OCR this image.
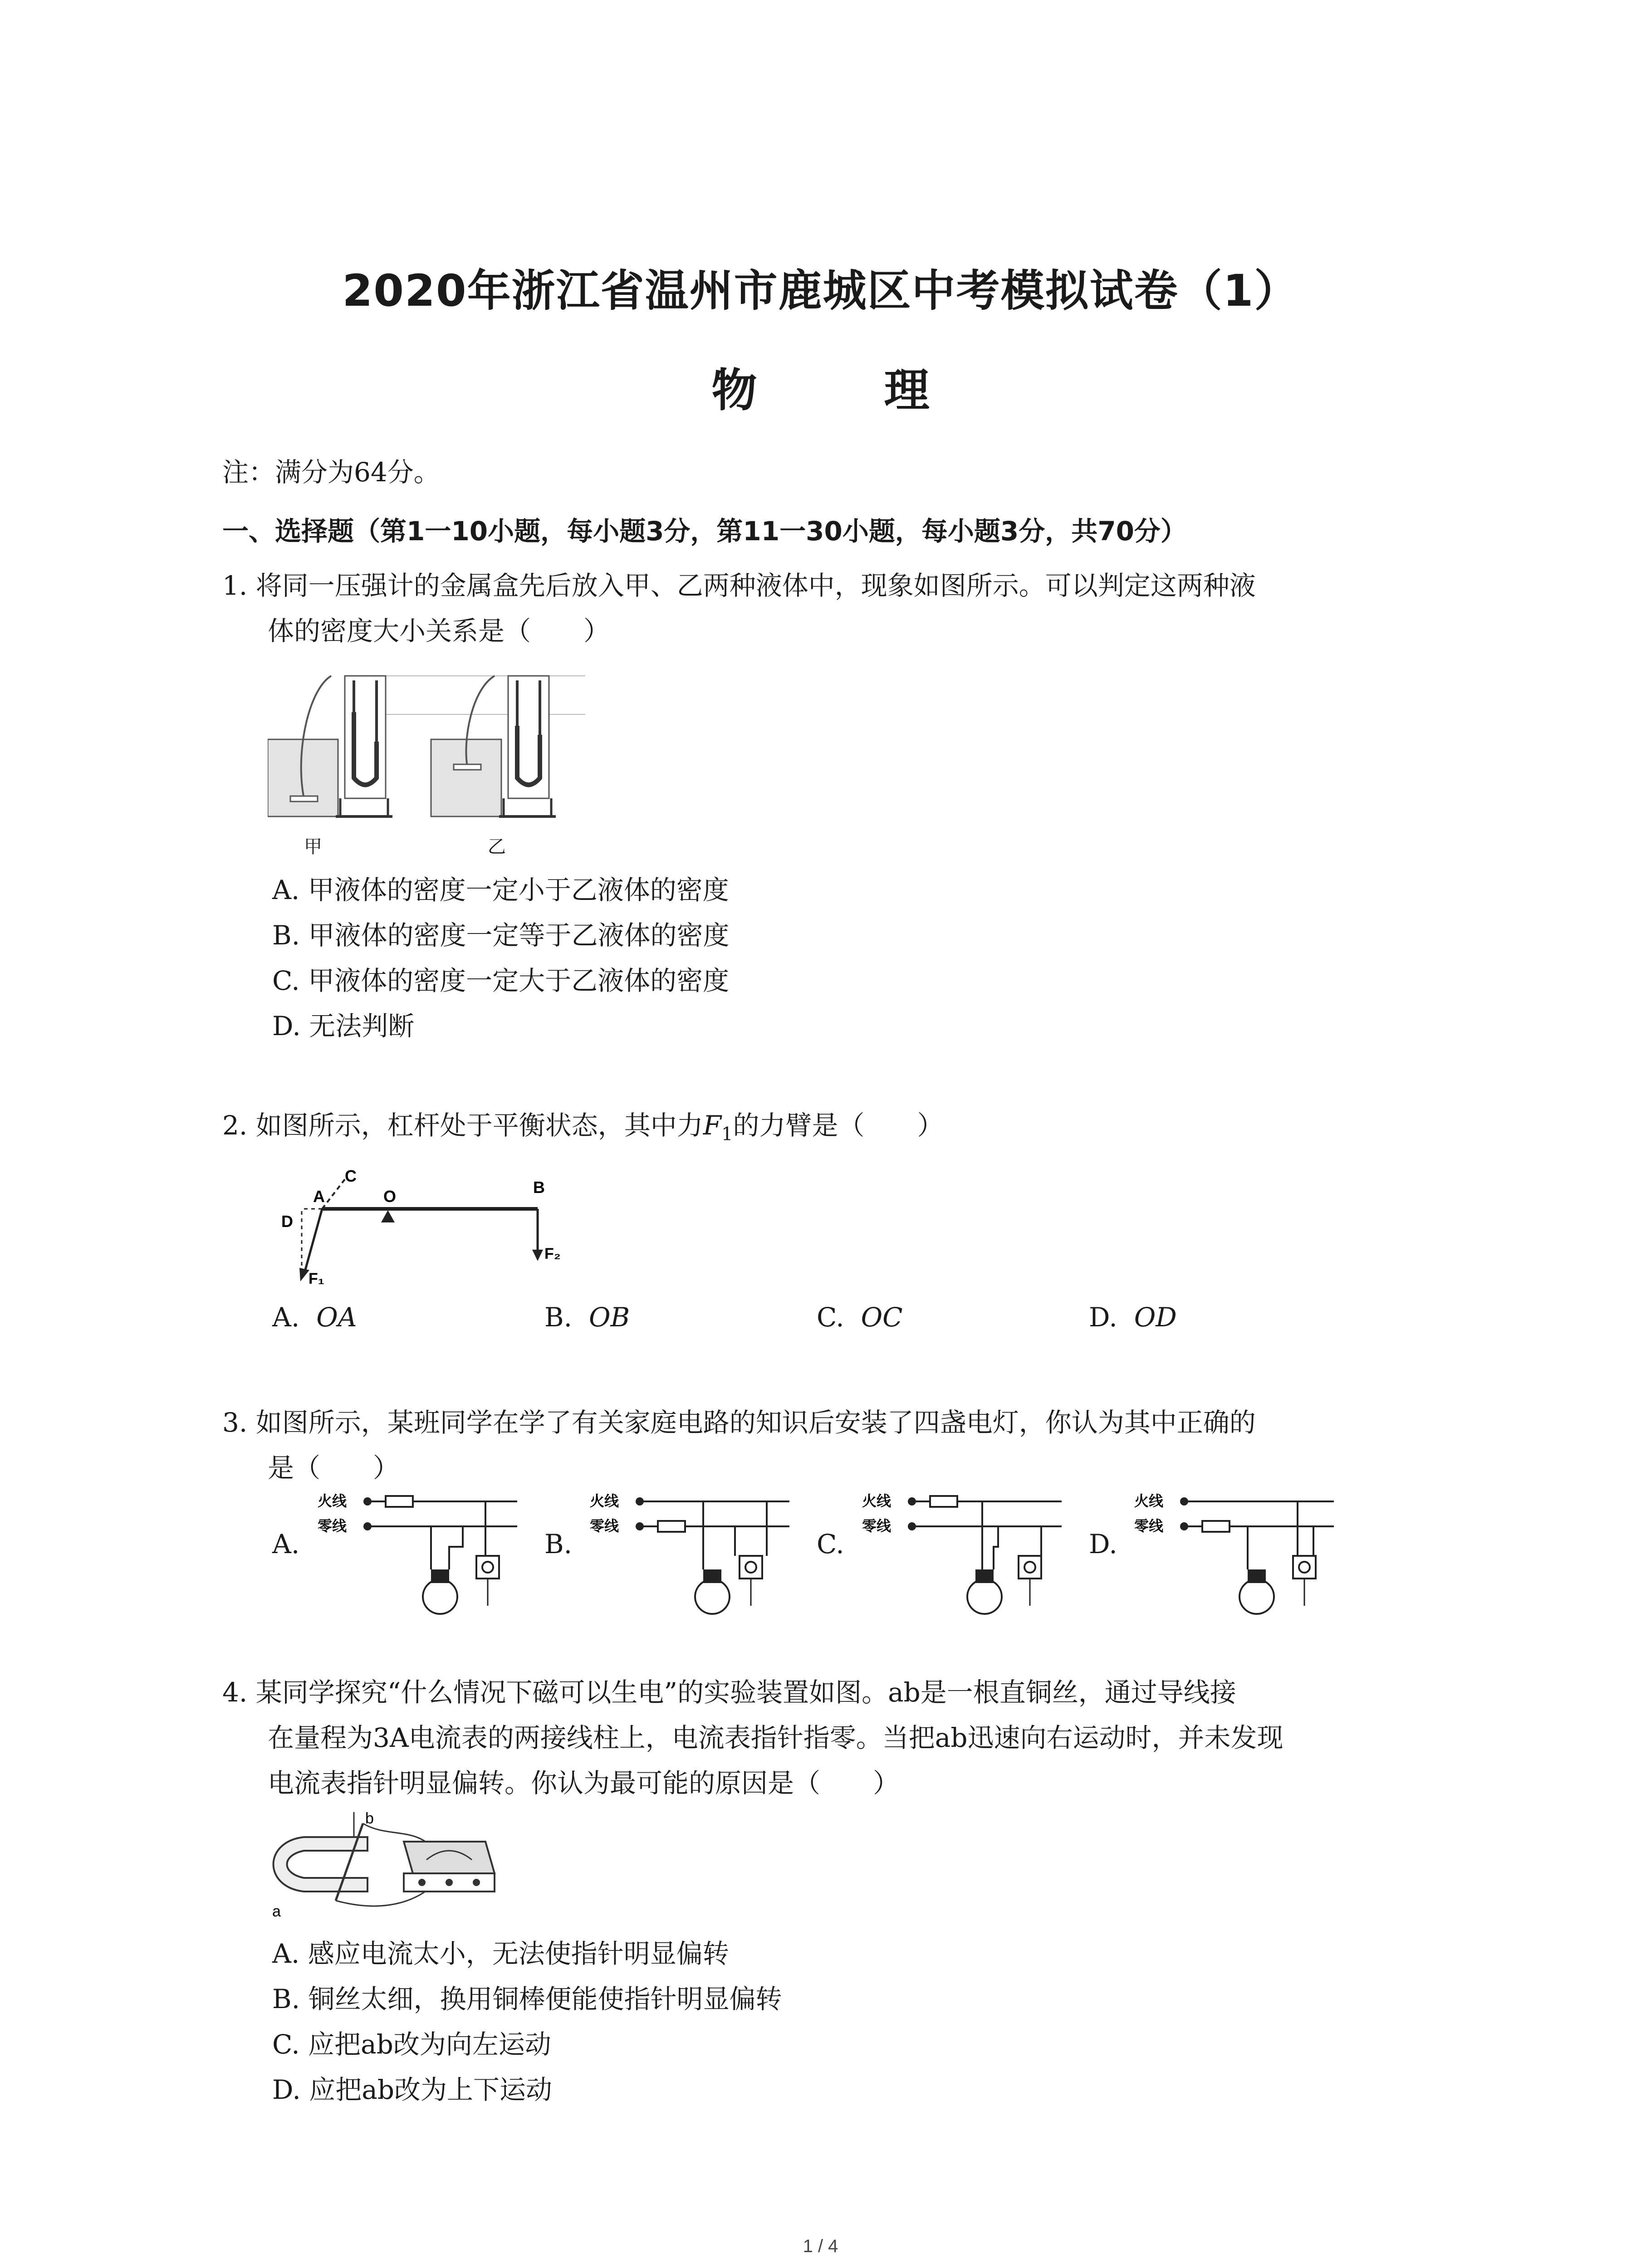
2020年浙江省温州市鹿城区中考模拟试卷（1）
物　理
注：满分为64分。
一、选择题（第1一10小题，每小题3分，第11一30小题，每小题3分，共70分）
1. 将同一压强计的金属盒先后放入甲、乙两种液体中，现象如图所示。可以判定这两种液
体的密度大小关系是（　　）
甲	乙
A. 甲液体的密度一定小于乙液体的密度
B. 甲液体的密度一定等于乙液体的密度
C. 甲液体的密度一定大于乙液体的密度
D. 无法判断
2. 如图所示，杠杆处于平衡状态，其中力$F_1$的力臂是（　　）
A
C
O	B
D
F₁
F₂
A. OA	B. OB	C. OC	D. OD
3. 如图所示，某班同学在学了有关家庭电路的知识后安装了四盏电灯，你认为其中正确的
是（　　）
A.	B.	C.	D.
火线
零线
火线
零线
火线
零线
火线
零线
4. 某同学探究“什么情况下磁可以生电”的实验装置如图。ab是一根直铜丝，通过导线接
在量程为3A电流表的两接线柱上，电流表指针指零。当把ab迅速向右运动时，并未发现
电流表指针明显偏转。你认为最可能的原因是（　　）
a
b
A. 感应电流太小，无法使指针明显偏转
B. 铜丝太细，换用铜棒便能使指针明显偏转
C. 应把ab改为向左运动
D. 应把ab改为上下运动
1 / 4
